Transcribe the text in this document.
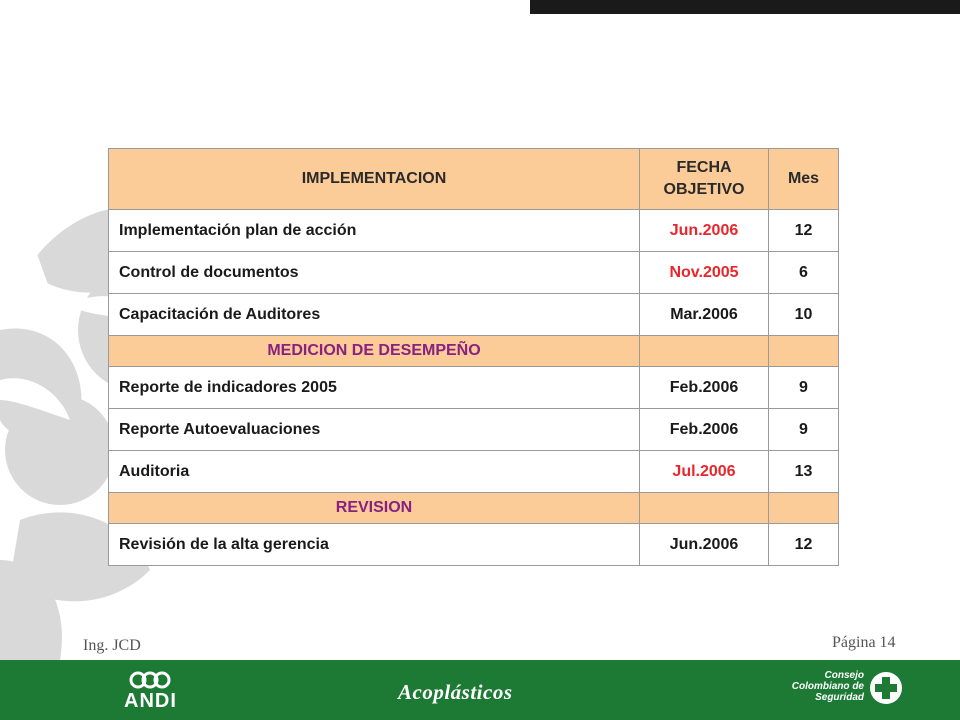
IMPLEMENTACION	FECHA OBJETIVO	Mes
Implementación plan de acción	Jun.2006	12
Control de documentos	Nov.2005	6
Capacitación de Auditores	Mar.2006	10
MEDICION DE DESEMPEÑO		
Reporte de indicadores 2005	Feb.2006	9
Reporte Autoevaluaciones	Feb.2006	9
Auditoria	Jul.2006	13
REVISION		
Revisión de la alta gerencia	Jun.2006	12
Ing. JCD	Página 14
ANDI	Acoplásticos
Consejo
Colombiano de
Seguridad
